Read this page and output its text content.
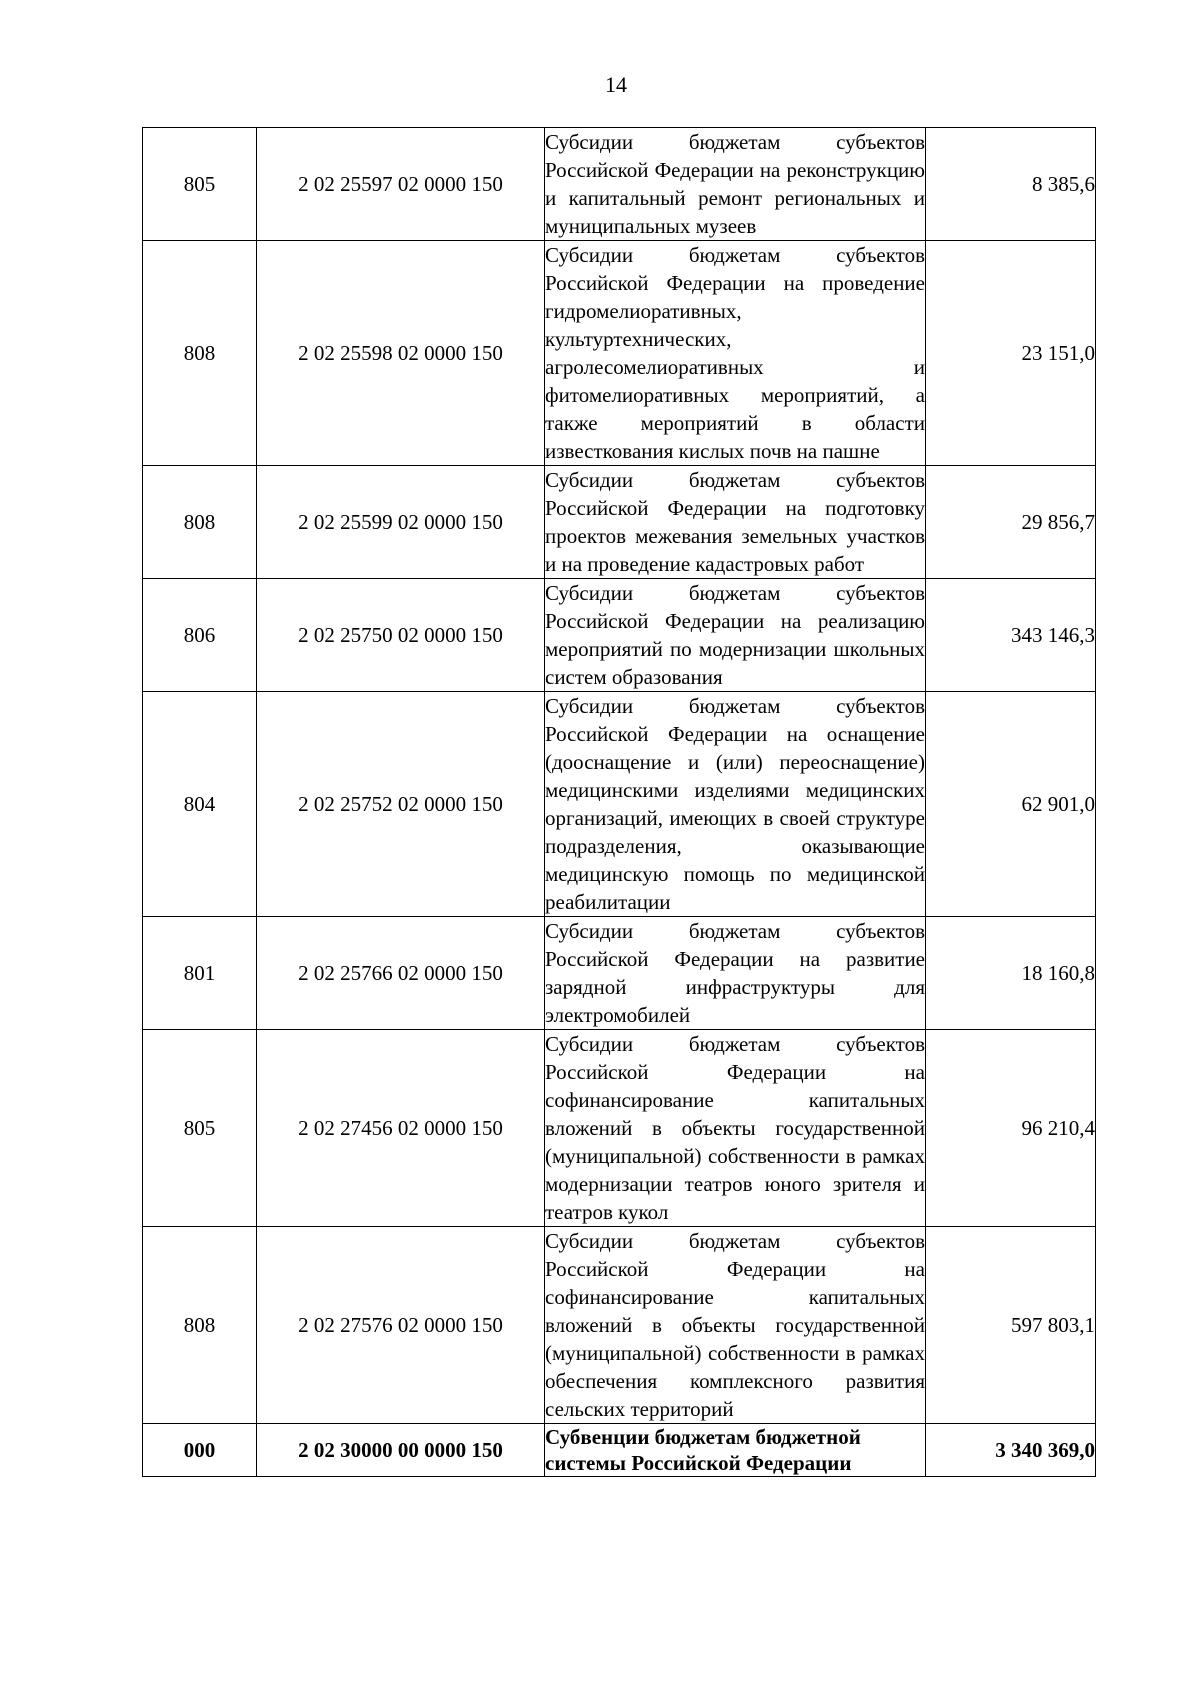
14
805	2 02 25597 02 0000 150	Субсидии бюджетам субъектов Российской Федерации на реконструкцию и капитальный ремонт региональных и муниципальных музеев	8 385,6
808	2 02 25598 02 0000 150	Субсидии бюджетам субъектов Российской Федерации на проведение гидромелиоративных, культуртехнических, агролесомелиоративных и фитомелиоративных мероприятий, а также мероприятий в области известкования кислых почв на пашне	23 151,0
808	2 02 25599 02 0000 150	Субсидии бюджетам субъектов Российской Федерации на подготовку проектов межевания земельных участков и на проведение кадастровых работ	29 856,7
806	2 02 25750 02 0000 150	Субсидии бюджетам субъектов Российской Федерации на реализацию мероприятий по модернизации школьных систем образования	343 146,3
804	2 02 25752 02 0000 150	Субсидии бюджетам субъектов Российской Федерации на оснащение (дооснащение и (или) переоснащение) медицинскими изделиями медицинских организаций, имеющих в своей структуре подразделения, оказывающие медицинскую помощь по медицинской реабилитации	62 901,0
801	2 02 25766 02 0000 150	Субсидии бюджетам субъектов Российской Федерации на развитие зарядной инфраструктуры для электромобилей	18 160,8
805	2 02 27456 02 0000 150	Субсидии бюджетам субъектов Российской Федерации на софинансирование капитальных вложений в объекты государственной (муниципальной) собственности в рамках модернизации театров юного зрителя и театров кукол	96 210,4
808	2 02 27576 02 0000 150	Субсидии бюджетам субъектов Российской Федерации на софинансирование капитальных вложений в объекты государственной (муниципальной) собственности в рамках обеспечения комплексного развития сельских территорий	597 803,1
000	2 02 30000 00 0000 150	Субвенции бюджетам бюджетной системы Российской Федерации	3 340 369,0
